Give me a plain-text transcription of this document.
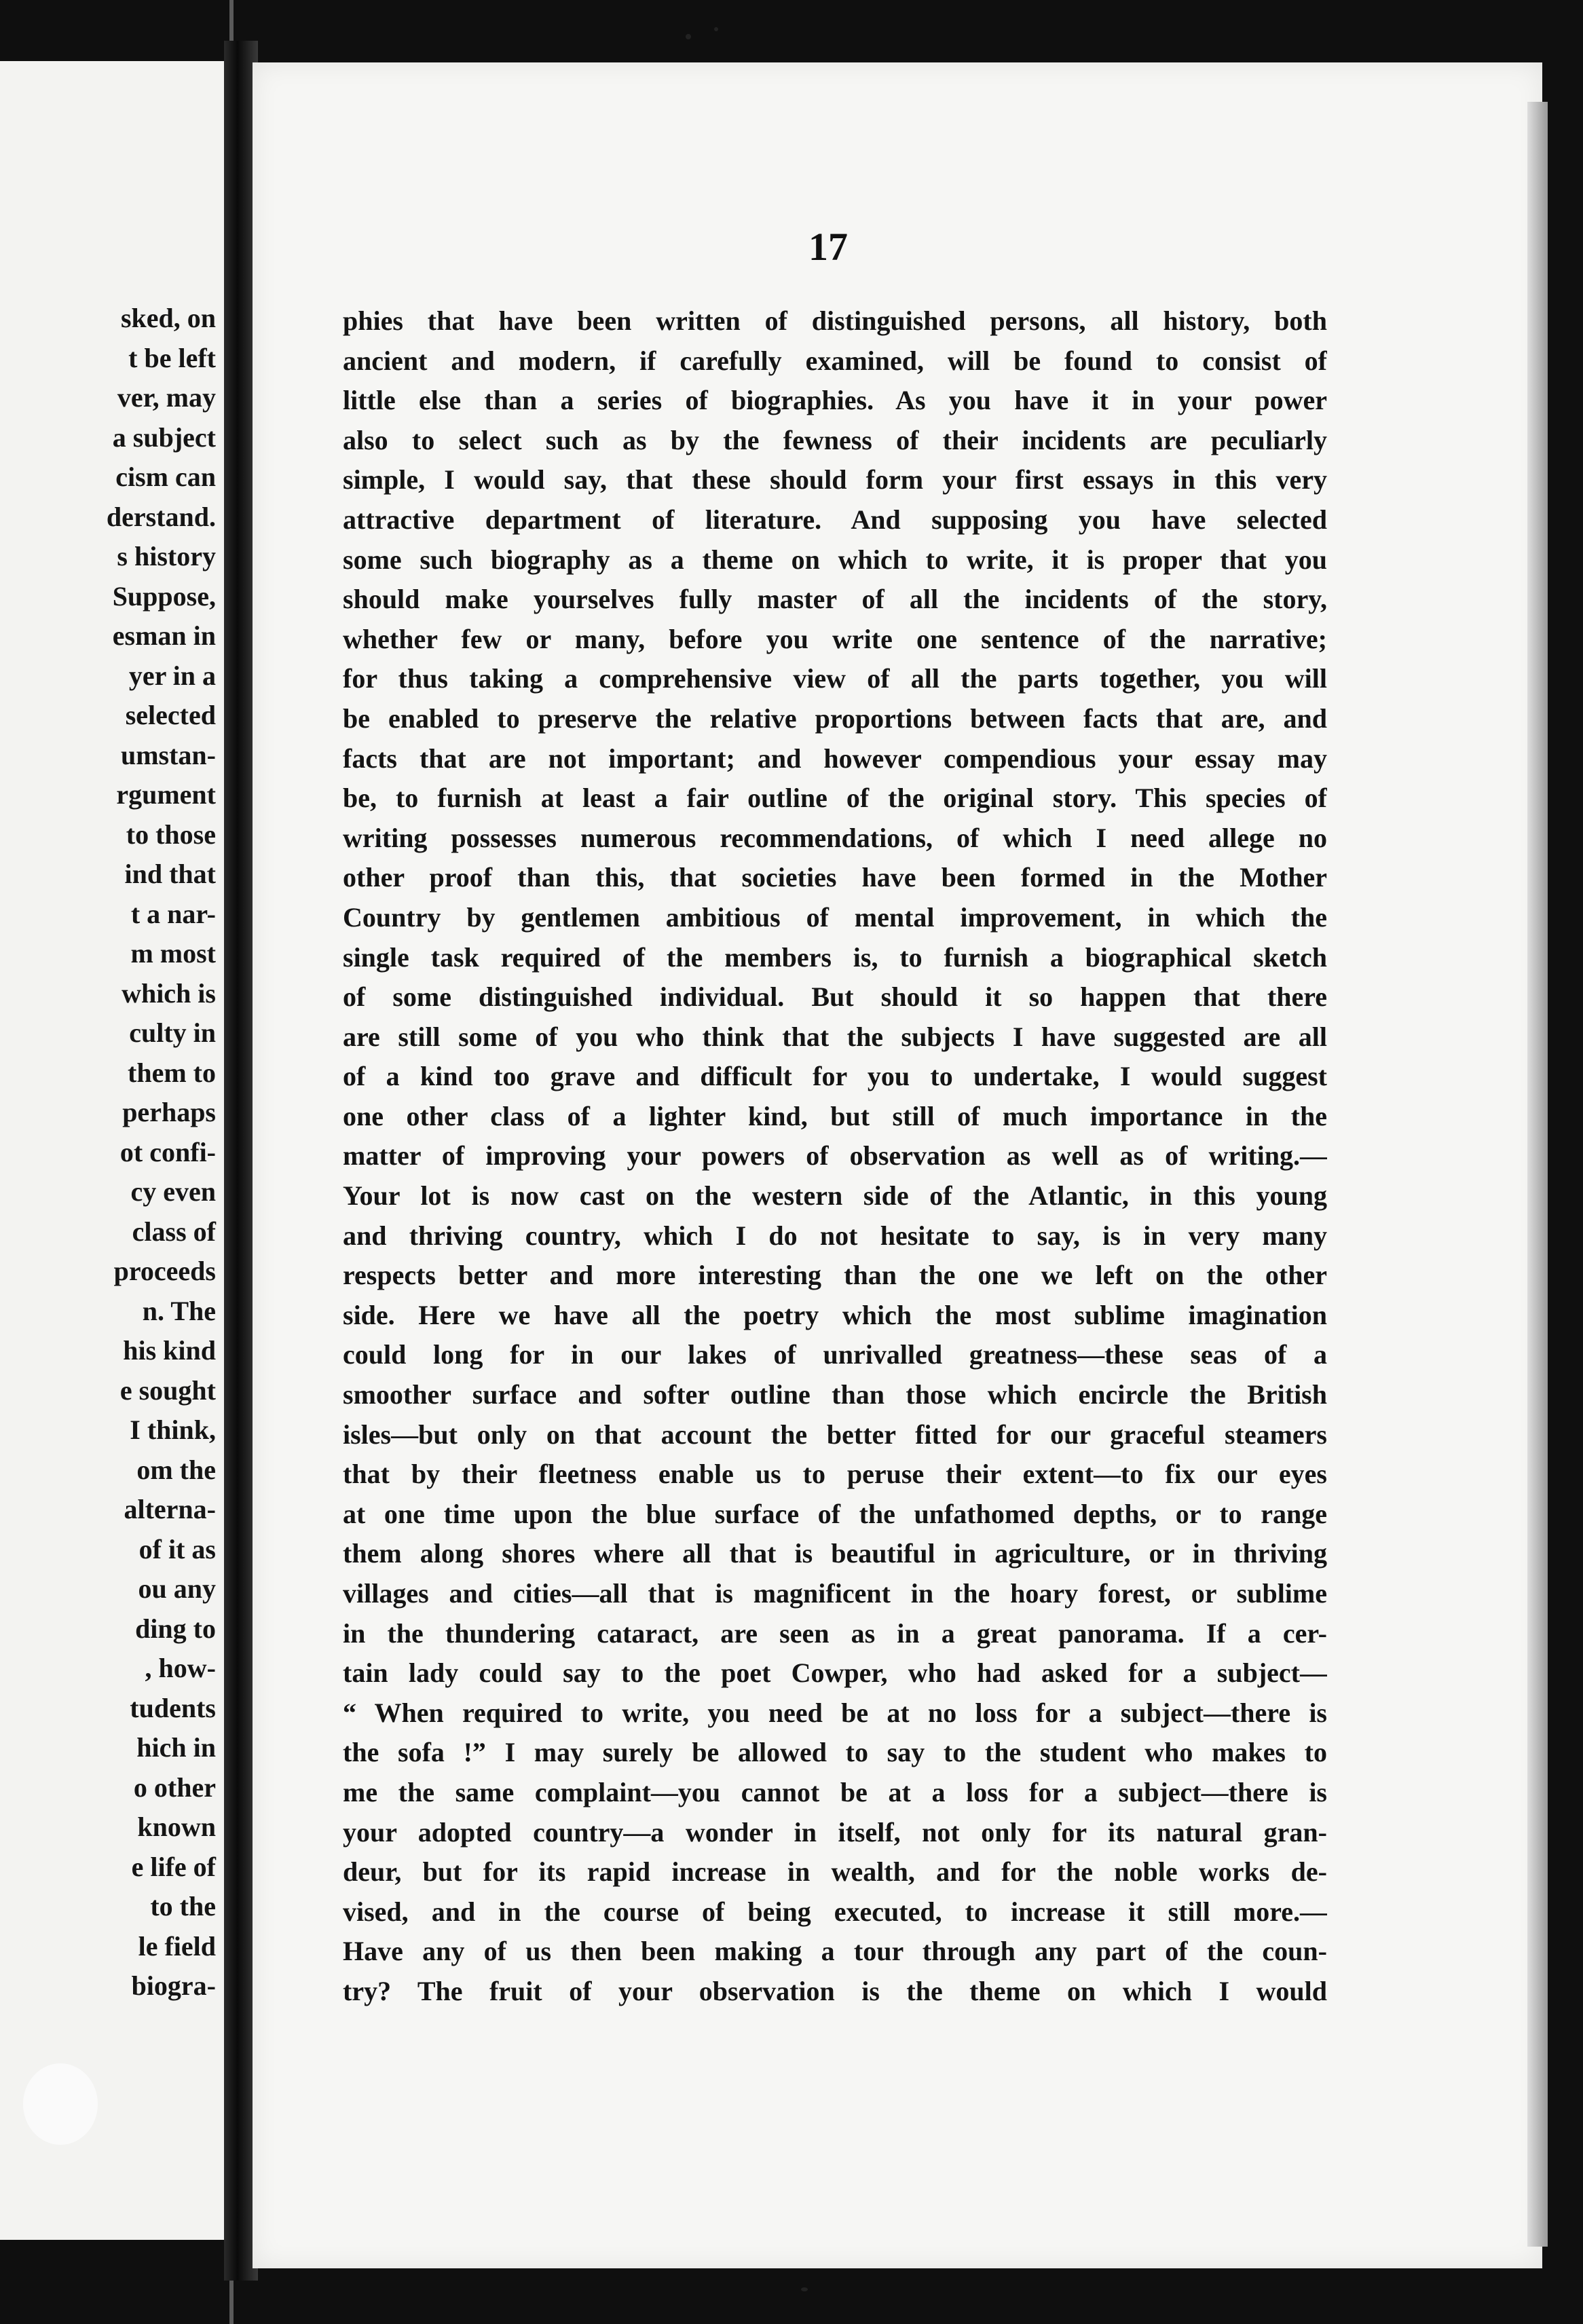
sked, on
t be left
ver, may
a subject
cism can
derstand.
s history
Suppose,
esman in
yer in a
selected
umstan-
rgument
to those
ind that
t a nar-
m most
which is
culty in
them to
perhaps
ot confi-
cy even
class of
proceeds
n. The
his kind
e sought
I think,
om the
alterna-
of it as
ou any
ding to
, how-
tudents
hich in
o other
known
e life of
to the
le field
biogra-
17
phies that have been written of distinguished persons, all history, both
ancient and modern, if carefully examined, will be found to consist of
little else than a series of biographies. As you have it in your power
also to select such as by the fewness of their incidents are peculiarly
simple, I would say, that these should form your first essays in this very
attractive department of literature. And supposing you have selected
some such biography as a theme on which to write, it is proper that you
should make yourselves fully master of all the incidents of the story,
whether few or many, before you write one sentence of the narrative;
for thus taking a comprehensive view of all the parts together, you will
be enabled to preserve the relative proportions between facts that are, and
facts that are not important; and however compendious your essay may
be, to furnish at least a fair outline of the original story. This species of
writing possesses numerous recommendations, of which I need allege no
other proof than this, that societies have been formed in the Mother
Country by gentlemen ambitious of mental improvement, in which the
single task required of the members is, to furnish a biographical sketch
of some distinguished individual. But should it so happen that there
are still some of you who think that the subjects I have suggested are all
of a kind too grave and difficult for you to undertake, I would suggest
one other class of a lighter kind, but still of much importance in the
matter of improving your powers of observation as well as of writing.—
Your lot is now cast on the western side of the Atlantic, in this young
and thriving country, which I do not hesitate to say, is in very many
respects better and more interesting than the one we left on the other
side. Here we have all the poetry which the most sublime imagination
could long for in our lakes of unrivalled greatness—these seas of a
smoother surface and softer outline than those which encircle the British
isles—but only on that account the better fitted for our graceful steamers
that by their fleetness enable us to peruse their extent—to fix our eyes
at one time upon the blue surface of the unfathomed depths, or to range
them along shores where all that is beautiful in agriculture, or in thriving
villages and cities—all that is magnificent in the hoary forest, or sublime
in the thundering cataract, are seen as in a great panorama. If a cer-
tain lady could say to the poet Cowper, who had asked for a subject—
“ When required to write, you need be at no loss for a subject—there is
the sofa !” I may surely be allowed to say to the student who makes to
me the same complaint—you cannot be at a loss for a subject—there is
your adopted country—a wonder in itself, not only for its natural gran-
deur, but for its rapid increase in wealth, and for the noble works de-
vised, and in the course of being executed, to increase it still more.—
Have any of us then been making a tour through any part of the coun-
try? The fruit of your observation is the theme on which I would
